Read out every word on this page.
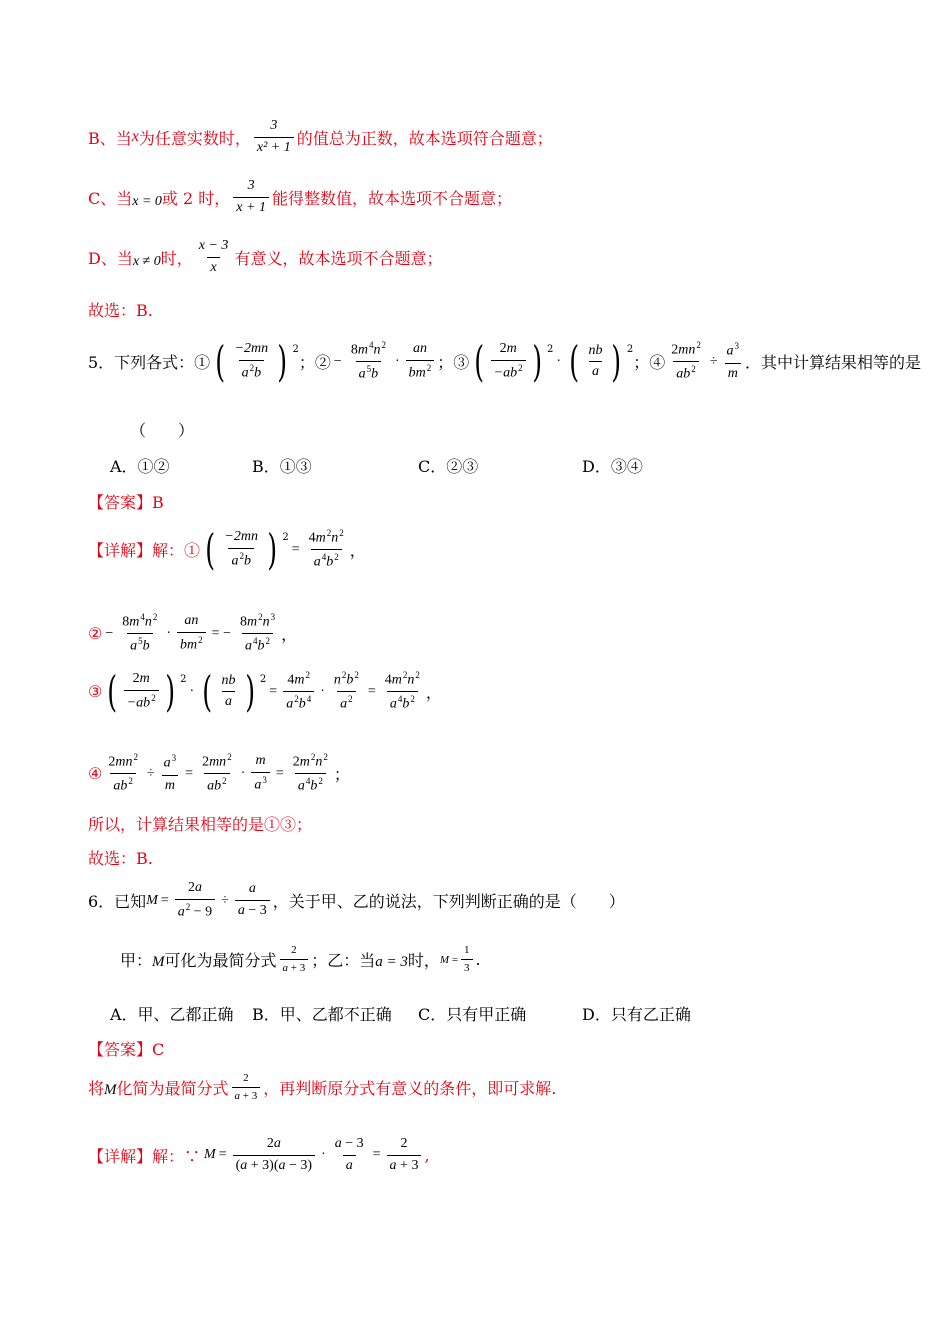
B、当 x 为任意实数时， $\frac{3}{\text{x² + 1}}$ 的值总为正数，故本选项符合题意；
C、当 x = 0 或 2 时， $\frac{3}{x + 1}$ 能得整数值，故本选项不合题意；
D、当 x ≠ 0 时， $\frac{x - 3}{x}$ 有意义，故本选项不合题意；
故选：B.
5．下列各式：① ( $\frac{-2mn}{a^2b}$
) 2
；② − $\frac{8m^4n^2}{a^5b} \cdot \frac{an}{bm^2}$ ；③ ( $\frac{2m}{-ab^2}$
) 2
· ( $\frac{nb}{a}$
) 2
；④ $\frac{2mn^2}{ab^2} \div \frac{a^3}{m}$ ．其中计算结果相等的是
（　　）
A．①②	B．①③	C．②③	D．③④
【答案】B
【详解】解：① ( $\frac{-2mn}{a^2b}$
) 2
= $\frac{4m^2n^2}{a^4b^2}$ ，
② − $\frac{8m^4n^2}{a^5b} \cdot \frac{an}{bm^2}$ = − $\frac{8m^2n^3}{a^4b^2}$ ，
③ ( $\frac{2m}{-ab^2}$
) 2
· ( $\frac{nb}{a}$
) 2
= $\frac{4m^2}{a^2b^4} \cdot \frac{n^2b^2}{a^2} = \frac{4m^2n^2}{a^4b^2}$ ，
④ $\frac{2mn^2}{ab^2} \div \frac{a^3}{m} = \frac{2mn^2}{ab^2} \cdot \frac{m}{a^3} = \frac{2m^2n^2}{a^4b^2}$ ；
所以，计算结果相等的是①③；
故选：B.
6．已知 $M = \frac{2a}{a^2 - 9} \div \frac{a}{a - 3}$ ，关于甲、乙的说法，下列判断正确的是（　　）
甲： M 可化为最简分式 $\frac{2}{a + 3}$ ；乙：当 a = 3 时， $M = \frac{1}{3}$ .
A．甲、乙都正确 B．甲、乙都不正确 C．只有甲正确	D．只有乙正确
【答案】C
将 M 化简为最简分式 $\frac{2}{a + 3}$ ，再判断原分式有意义的条件，即可求解.
【详解】解：∵ $M = \frac{2a}{(a + 3)(a - 3)} \cdot \frac{a - 3}{a} = \frac{2}{a + 3}$ ,
